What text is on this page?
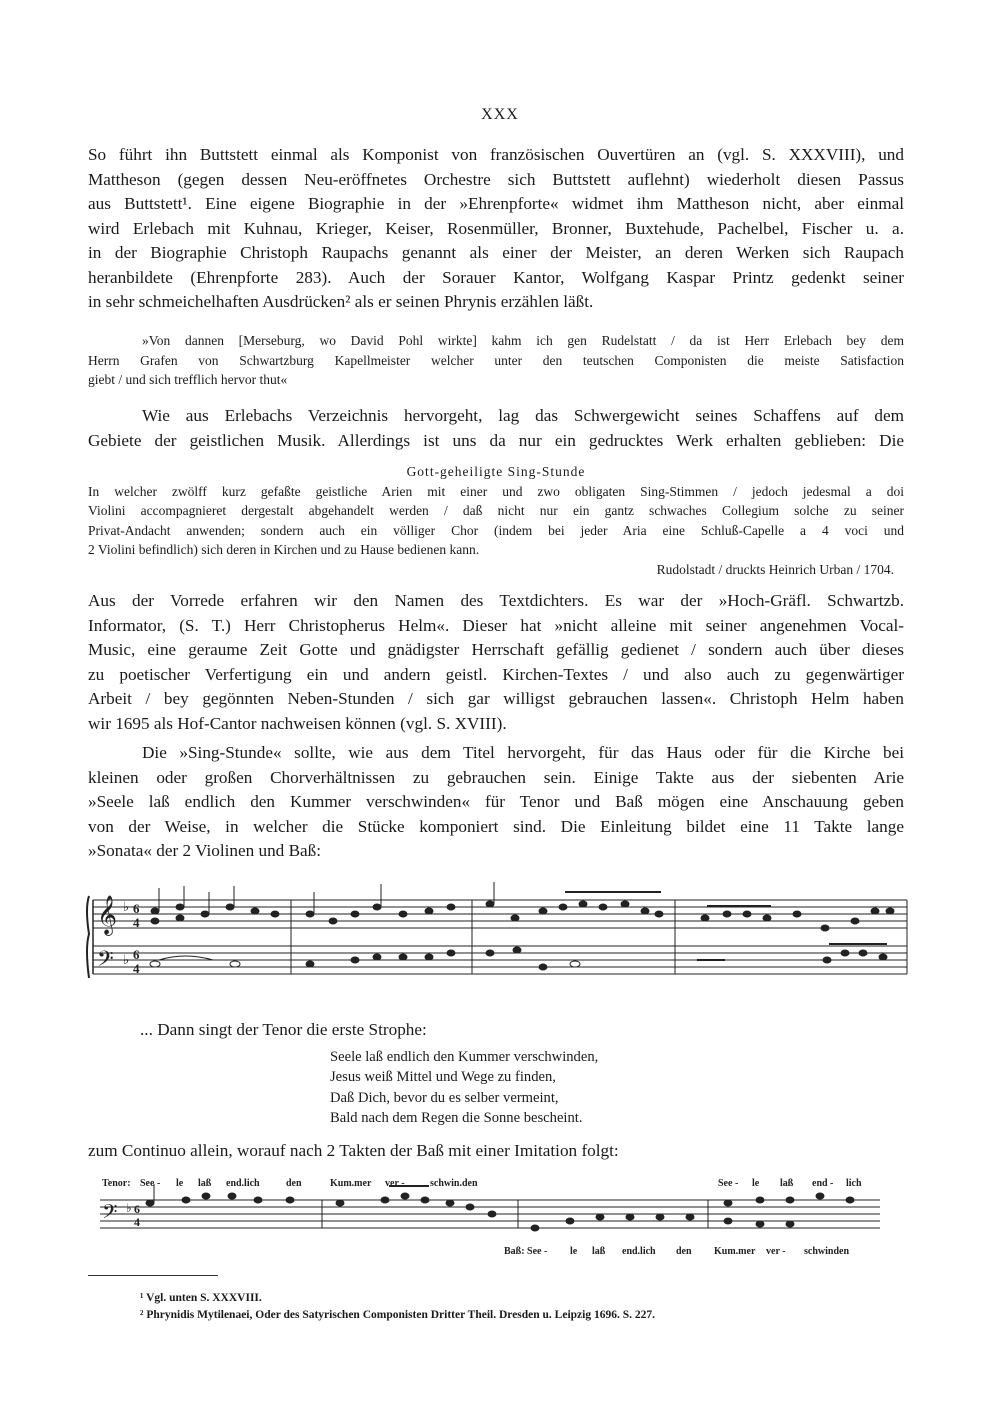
XXX
So führt ihn Buttstett einmal als Komponist von französischen Ouvertüren an (vgl. S. XXXVIII), und
Mattheson (gegen dessen Neu-eröffnetes Orchestre sich Buttstett auflehnt) wiederholt diesen Passus
aus Buttstett¹. Eine eigene Biographie in der »Ehrenpforte« widmet ihm Mattheson nicht, aber einmal
wird Erlebach mit Kuhnau, Krieger, Keiser, Rosenmüller, Bronner, Buxtehude, Pachelbel, Fischer u. a.
in der Biographie Christoph Raupachs genannt als einer der Meister, an deren Werken sich Raupach
heranbildete (Ehrenpforte 283). Auch der Sorauer Kantor, Wolfgang Kaspar Printz gedenkt seiner
in sehr schmeichelhaften Ausdrücken² als er seinen Phrynis erzählen läßt.
»Von dannen [Merseburg, wo David Pohl wirkte] kahm ich gen Rudelstatt / da ist Herr Erlebach bey dem
Herrn Grafen von Schwartzburg Kapellmeister welcher unter den teutschen Componisten die meiste Satisfaction
giebt / und sich trefflich hervor thut«
Wie aus Erlebachs Verzeichnis hervorgeht, lag das Schwergewicht seines Schaffens auf dem
Gebiete der geistlichen Musik. Allerdings ist uns da nur ein gedrucktes Werk erhalten geblieben: Die
Gott-geheiligte Sing-Stunde
In welcher zwölff kurz gefaßte geistliche Arien mit einer und zwo obligaten Sing-Stimmen / jedoch jedesmal a doi
Violini accompagnieret dergestalt abgehandelt werden / daß nicht nur ein gantz schwaches Collegium solche zu seiner
Privat-Andacht anwenden; sondern auch ein völliger Chor (indem bei jeder Aria eine Schluß-Capelle a 4 voci und
2 Violini befindlich) sich deren in Kirchen und zu Hause bedienen kann.
Rudolstadt / druckts Heinrich Urban / 1704.
Aus der Vorrede erfahren wir den Namen des Textdichters. Es war der »Hoch-Gräfl. Schwartzb.
Informator, (S. T.) Herr Christopherus Helm«. Dieser hat »nicht alleine mit seiner angenehmen Vocal-
Music, eine geraume Zeit Gotte und gnädigster Herrschaft gefällig gedienet / sondern auch über dieses
zu poetischer Verfertigung ein und andern geistl. Kirchen-Textes / und also auch zu gegenwärtiger
Arbeit / bey gegönnten Neben-Stunden / sich gar willigst gebrauchen lassen«. Christoph Helm haben
wir 1695 als Hof-Cantor nachweisen können (vgl. S. XVIII).
Die »Sing-Stunde« sollte, wie aus dem Titel hervorgeht, für das Haus oder für die Kirche bei
kleinen oder großen Chorverhältnissen zu gebrauchen sein. Einige Takte aus der siebenten Arie
»Seele laß endlich den Kummer verschwinden« für Tenor und Baß mögen eine Anschauung geben
von der Weise, in welcher die Stücke komponiert sind. Die Einleitung bildet eine 11 Takte lange
»Sonata« der 2 Violinen und Baß:
𝄞
𝄢
♭
♭
6
4
6
4
... Dann singt der Tenor die erste Strophe:
Seele laß endlich den Kummer verschwinden,
Jesus weiß Mittel und Wege zu finden,
Daß Dich, bevor du es selber vermeint,
Bald nach dem Regen die Sonne bescheint.
zum Continuo allein, worauf nach 2 Takten der Baß mit einer Imitation folgt:
𝄢 ♭ 6
4
Tenor: See - le laß end.lich	den	Kum.mer ver -	schwin.den	See - le laß end - lich
Baß: See - le laß end.lich den Kum.mer ver - schwinden
¹ Vgl. unten S. XXXVIII.
² Phrynidis Mytilenaei, Oder des Satyrischen Componisten Dritter Theil. Dresden u. Leipzig 1696. S. 227.
